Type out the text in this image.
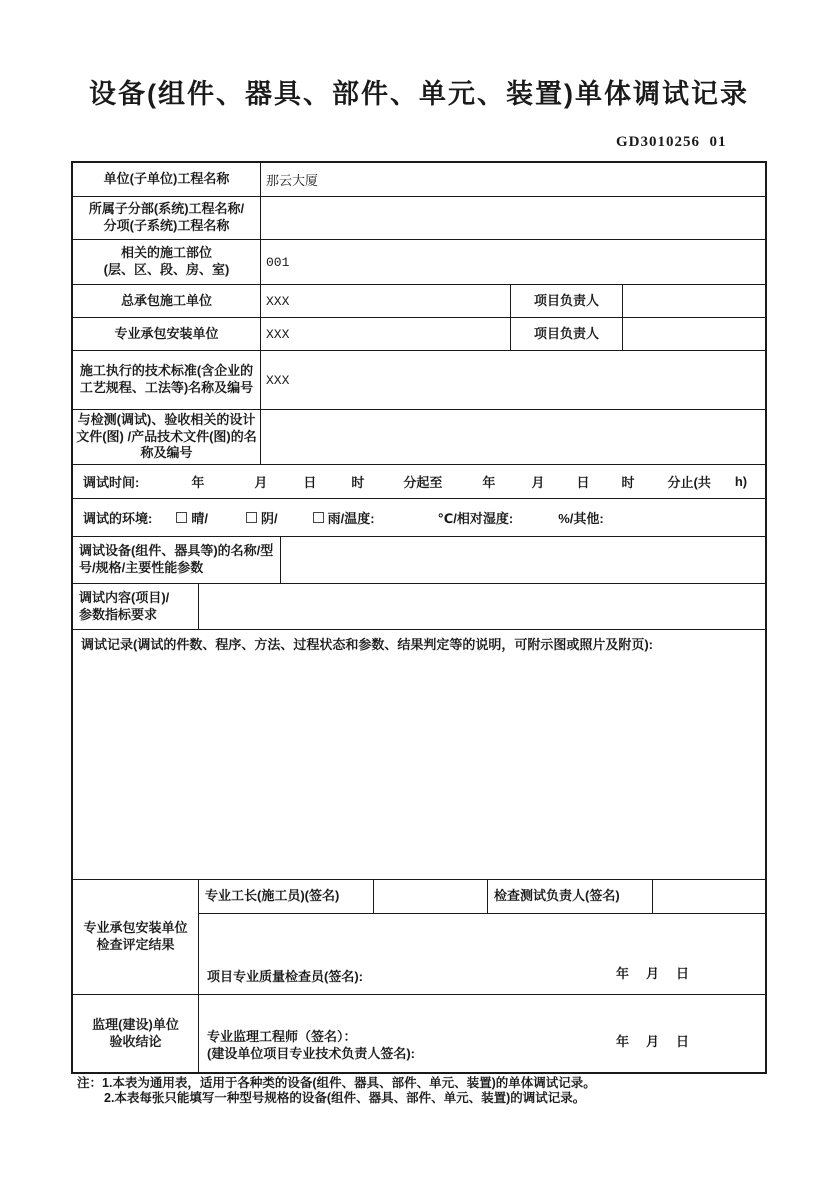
设备(组件、器具、部件、单元、装置)单体调试记录
GD3010256  01
单位(子单位)工程名称	那云大厦
所属子分部(系统)工程名称/
分项(子系统)工程名称
相关的施工部位
(层、区、段、房、室)	001
总承包施工单位	XXX	项目负责人
专业承包安装单位	XXX	项目负责人
施工执行的技术标准(含企业的工艺规程、工法等)名称及编号 XXX
与检测(调试)、验收相关的设计文件(图) /产品技术文件(图)的名称及编号
调试时间:	年	月	日	时	分起至	年	月 日 时	分止(共 h)
调试的环境:	晴/	阴/	雨/温度:	℃/相对湿度:	%/其他:
调试设备(组件、器具等)的名称/型号/规格/主要性能参数
调试内容(项目)/
参数指标要求
调试记录(调试的件数、程序、方法、过程状态和参数、结果判定等的说明，可附示图或照片及附页):
专业承包安装单位
检查评定结果
专业工长(施工员)(签名)	检查测试负责人(签名)
项目专业质量检查员(签名):	年　月　日
监理(建设)单位
验收结论	专业监理工程师（签名）：
(建设单位项目专业技术负责人签名):
年　月　日
注：1.本表为通用表，适用于各种类的设备(组件、器具、部件、单元、装置)的单体调试记录。
2.本表每张只能填写一种型号规格的设备(组件、器具、部件、单元、装置)的调试记录。
